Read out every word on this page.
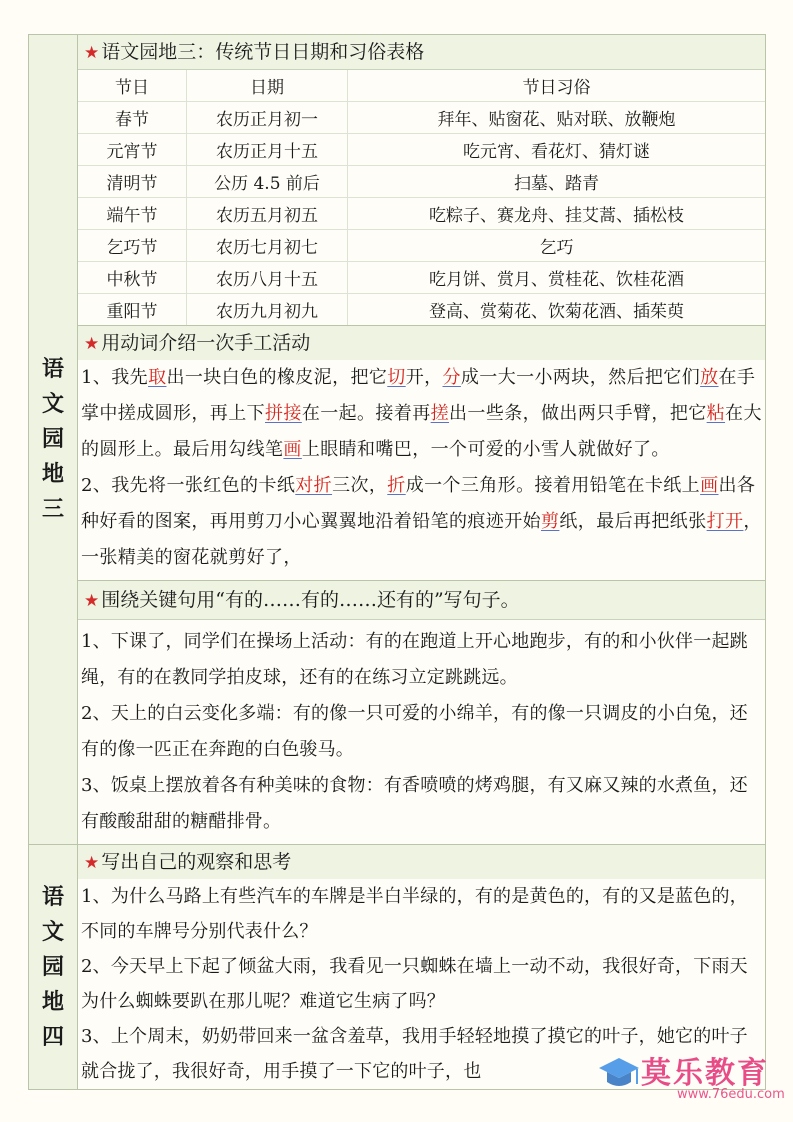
语
文
园
地
三
★ 语文园地三：传统节日日期和习俗表格
节日	日期	节日习俗
春节	农历正月初一	拜年、贴窗花、贴对联、放鞭炮
元宵节	农历正月十五	吃元宵、看花灯、猜灯谜
清明节	公历 4.5 前后	扫墓、踏青
端午节	农历五月初五	吃粽子、赛龙舟、挂艾蒿、插松枝
乞巧节	农历七月初七	乞巧
中秋节	农历八月十五	吃月饼、赏月、赏桂花、饮桂花酒
重阳节	农历九月初九	登高、赏菊花、饮菊花酒、插茱萸
★ 用动词介绍一次手工活动
1、我先取出一块白色的橡皮泥，把它切开，分成一大一小两块，然后把它们放在手掌中搓成圆形，再上下拼接在一起。接着再搓出一些条，做出两只手臂，把它粘在大的圆形上。最后用勾线笔画上眼睛和嘴巴，一个可爱的小雪人就做好了。
2、我先将一张红色的卡纸对折三次，折成一个三角形。接着用铅笔在卡纸上画出各种好看的图案，再用剪刀小心翼翼地沿着铅笔的痕迹开始剪纸，最后再把纸张打开，一张精美的窗花就剪好了，
★ 围绕关键句用“有的……有的……还有的”写句子。
1、下课了，同学们在操场上活动：有的在跑道上开心地跑步，有的和小伙伴一起跳绳，有的在教同学拍皮球，还有的在练习立定跳跳远。
2、天上的白云变化多端：有的像一只可爱的小绵羊，有的像一只调皮的小白兔，还有的像一匹正在奔跑的白色骏马。
3、饭桌上摆放着各有种美味的食物：有香喷喷的烤鸡腿，有又麻又辣的水煮鱼，还有酸酸甜甜的糖醋排骨。
语
文
园
地
四
★ 写出自己的观察和思考
1、为什么马路上有些汽车的车牌是半白半绿的，有的是黄色的，有的又是蓝色的，不同的车牌号分别代表什么？
2、今天早上下起了倾盆大雨，我看见一只蜘蛛在墙上一动不动，我很好奇，下雨天为什么蜘蛛要趴在那儿呢？难道它生病了吗？
3、上个周末，奶奶带回来一盆含羞草，我用手轻轻地摸了摸它的叶子，她它的叶子就合拢了，我很好奇，用手摸了一下它的叶子，也	莫乐教育
www.76edu.com
